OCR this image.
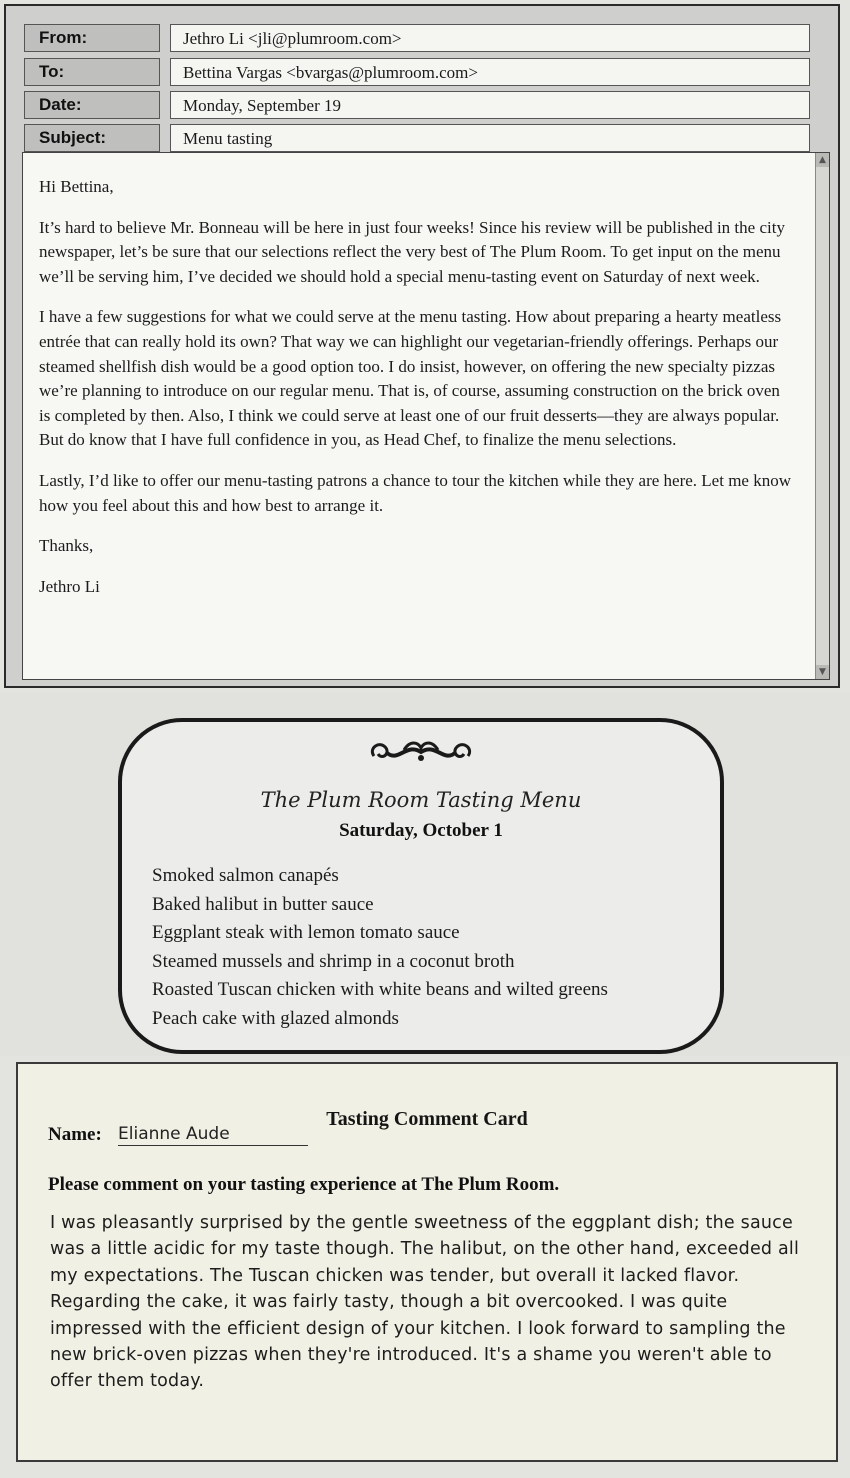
From:	Jethro Li <jli@plumroom.com>
To:	Bettina Vargas <bvargas@plumroom.com>
Date:	Monday, September 19
Subject:	Menu tasting

Hi Bettina,

It’s hard to believe Mr. Bonneau will be here in just four weeks! Since his review will be published in the city newspaper, let’s be sure that our selections reflect the very best of The Plum Room. To get input on the menu we’ll be serving him, I’ve decided we should hold a special menu-tasting event on Saturday of next week.

I have a few suggestions for what we could serve at the menu tasting. How about preparing a hearty meatless entrée that can really hold its own? That way we can highlight our vegetarian-friendly offerings. Perhaps our steamed shellfish dish would be a good option too. I do insist, however, on offering the new specialty pizzas we’re planning to introduce on our regular menu. That is, of course, assuming construction on the brick oven is completed by then. Also, I think we could serve at least one of our fruit desserts—they are always popular. But do know that I have full confidence in you, as Head Chef, to finalize the menu selections.

Lastly, I’d like to offer our menu-tasting patrons a chance to tour the kitchen while they are here. Let me know how you feel about this and how best to arrange it.

Thanks,

Jethro Li

▲
▼
The Plum Room Tasting Menu
Saturday, October 1
Smoked salmon canapés
Baked halibut in butter sauce
Eggplant steak with lemon tomato sauce
Steamed mussels and shrimp in a coconut broth
Roasted Tuscan chicken with white beans and wilted greens
Peach cake with glazed almonds
Tasting Comment Card
Name: Elianne Aude
Please comment on your tasting experience at The Plum Room.
I was pleasantly surprised by the gentle sweetness of the eggplant dish; the sauce was a little acidic for my taste though. The halibut, on the other hand, exceeded all my expectations. The Tuscan chicken was tender, but overall it lacked flavor. Regarding the cake, it was fairly tasty, though a bit overcooked. I was quite impressed with the efficient design of your kitchen. I look forward to sampling the new brick-oven pizzas when they're introduced. It's a shame you weren't able to offer them today.
